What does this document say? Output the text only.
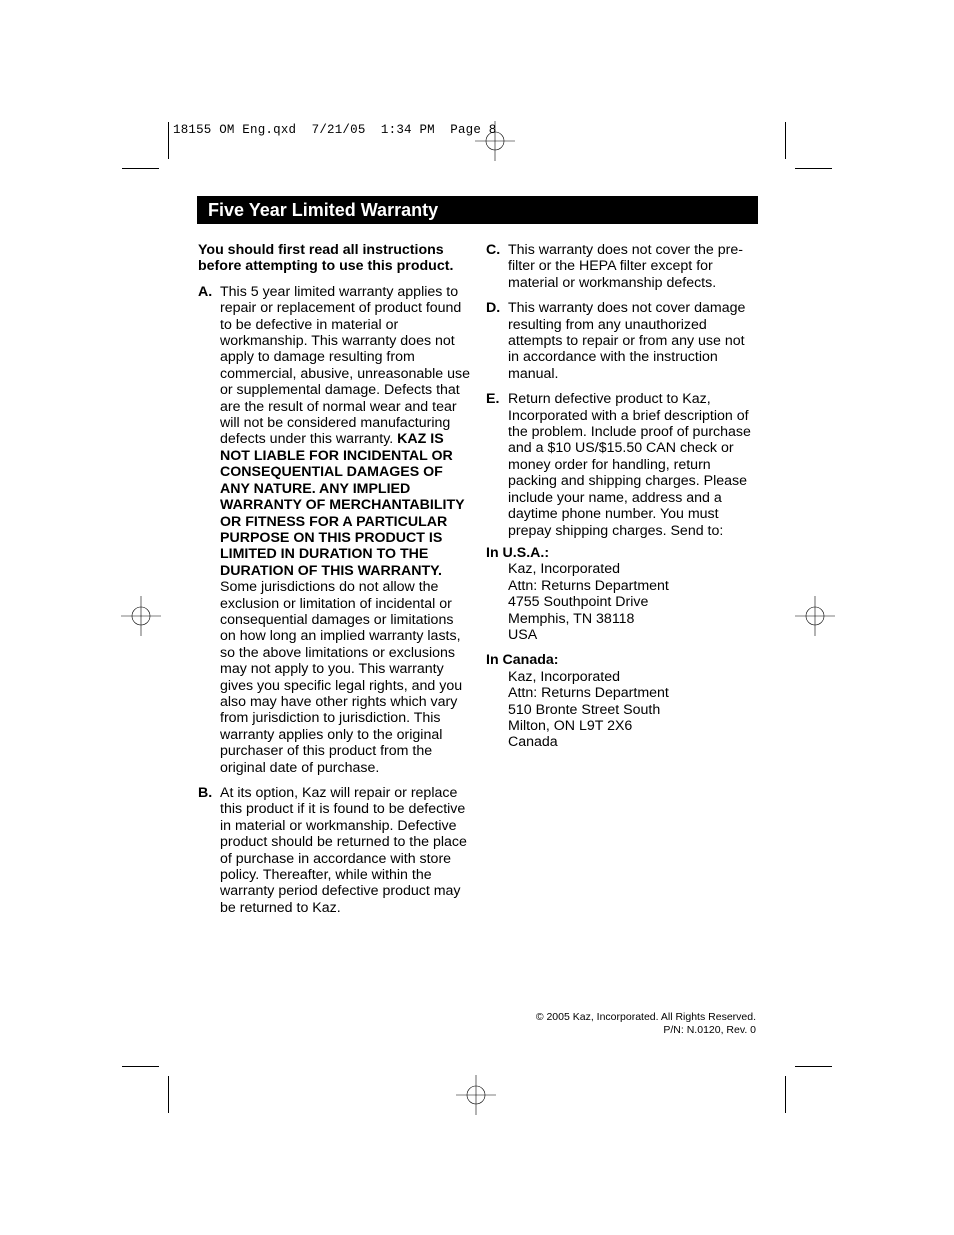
18155 OM Eng.qxd  7/21/05  1:34 PM  Page 8
Five Year Limited Warranty
You should first read all instructions before attempting to use this product.
A. This 5 year limited warranty applies to repair or replacement of product found to be defective in material or workmanship. This warranty does not apply to damage resulting from commercial, abusive, unreasonable use or supplemental damage. Defects that are the result of normal wear and tear will not be considered manufacturing defects under this warranty. KAZ IS NOT LIABLE FOR INCIDENTAL OR CONSEQUENTIAL DAMAGES OF ANY NATURE. ANY IMPLIED WARRANTY OF MERCHANTABILITY OR FITNESS FOR A PARTICULAR PURPOSE ON THIS PRODUCT IS LIMITED IN DURATION TO THE DURATION OF THIS WARRANTY. Some jurisdictions do not allow the exclusion or limitation of incidental or consequential damages or limitations on how long an implied warranty lasts, so the above limitations or exclusions may not apply to you. This warranty gives you specific legal rights, and you also may have other rights which vary from jurisdiction to jurisdiction. This warranty applies only to the original purchaser of this product from the original date of purchase.

B. At its option, Kaz will repair or replace this product if it is found to be defective in material or workmanship. Defective product should be returned to the place of purchase in accordance with store policy. Thereafter, while within the warranty period defective product may be returned to Kaz.

C. This warranty does not cover the pre-filter or the HEPA filter except for material or workmanship defects.

D. This warranty does not cover damage resulting from any unauthorized attempts to repair or from any use not in accordance with the instruction manual.

E. Return defective product to Kaz, Incorporated with a brief description of the problem. Include proof of purchase and a $10 US/$15.50 CAN check or money order for handling, return packing and shipping charges. Please include your name, address and a daytime phone number. You must prepay shipping charges. Send to:

In U.S.A.:
Kaz, Incorporated
Attn: Returns Department
4755 Southpoint Drive
Memphis, TN 38118
USA
In Canada:
Kaz, Incorporated
Attn: Returns Department
510 Bronte Street South
Milton, ON L9T 2X6
Canada
© 2005 Kaz, Incorporated. All Rights Reserved.
P/N: N.0120, Rev. 0
